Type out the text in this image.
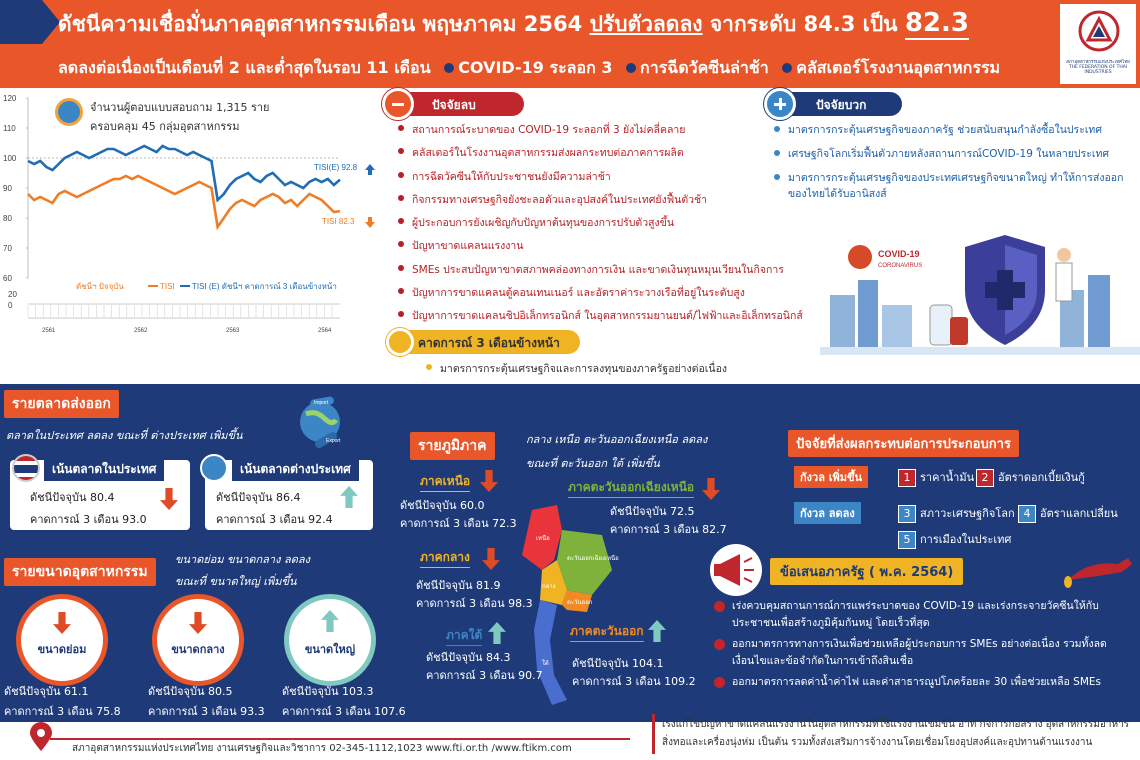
ดัชนีความเชื่อมั่นภาคอุตสาหกรรมเดือน พฤษภาคม 2564 ปรับตัวลดลง จากระดับ 84.3 เป็น 82.3
ลดลงต่อเนื่องเป็นเดือนที่ 2 และต่ำสุดในรอบ 11 เดือน COVID-19 ระลอก 3 การฉีดวัคซีนล่าช้า คลัสเตอร์โรงงานอุตสาหกรรม	สภาอุตสาหกรรมแห่งประเทศไทย THE FEDERATION OF THAI INDUSTRIES
จำนวนผู้ตอบแบบสอบถาม 1,315 ราย
ครอบคลุม 45 กลุ่มอุตสาหกรรม
60
70
80
90
100
110
120
TISI(E) 92.8
TISI 82.3
ดัชนีฯ ปัจจุบัน	TISI TISI (E) ดัชนีฯ คาดการณ์ 3 เดือนข้างหน้า
20
0
2561	2562	2563	2564
ปัจจัยลบ
สถานการณ์ระบาดของ COVID-19 ระลอกที่ 3 ยังไม่คลี่คลาย
คลัสเตอร์ในโรงงานอุตสาหกรรมส่งผลกระทบต่อภาคการผลิต
การฉีดวัคซีนให้กับประชาชนยังมีความล่าช้า
กิจกรรมทางเศรษฐกิจยังชะลอตัวและอุปสงค์ในประเทศยังฟื้นตัวช้า
ผู้ประกอบการยังเผชิญกับปัญหาต้นทุนของการปรับตัวสูงขึ้น
ปัญหาขาดแคลนแรงงาน
SMEs ประสบปัญหาขาดสภาพคล่องทางการเงิน และขาดเงินทุนหมุนเวียนในกิจการ
ปัญหาการขาดแคลนตู้คอนเทนเนอร์ และอัตราค่าระวางเรือที่อยู่ในระดับสูง
ปัญหาการขาดแคลนชิปอิเล็กทรอนิกส์ ในอุตสาหกรรมยานยนต์/ไฟฟ้าและอิเล็กทรอนิกส์
ปัจจัยบวก
มาตรการกระตุ้นเศรษฐกิจของภาครัฐ ช่วยสนับสนุนกำลังซื้อในประเทศ
เศรษฐกิจโลกเริ่มฟื้นตัวภายหลังสถานการณ์COVID-19 ในหลายประเทศ
มาตรการกระตุ้นเศรษฐกิจของประเทศเศรษฐกิจขนาดใหญ่ ทำให้การส่งออกของไทยได้รับอานิสงส์
COVID-19
CORONAVIRUS
คาดการณ์ 3 เดือนข้างหน้า
มาตรการกระตุ้นเศรษฐกิจและการลงทุนของภาครัฐอย่างต่อเนื่อง
รายตลาดส่งออก	Import
Export
ตลาดในประเทศ ลดลง ขณะที่ ต่างประเทศ เพิ่มขึ้น
เน้นตลาดในประเทศ
ดัชนีปัจจุบัน 80.4
คาดการณ์ 3 เดือน 93.0
เน้นตลาดต่างประเทศ
ดัชนีปัจจุบัน 86.4
คาดการณ์ 3 เดือน 92.4
รายขนาดอุตสาหกรรม
ขนาดย่อม ขนาดกลาง ลดลง
ขณะที่ ขนาดใหญ่ เพิ่มขึ้น
ขนาดย่อม
ดัชนีปัจจุบัน 61.1
คาดการณ์ 3 เดือน 75.8
ขนาดกลาง
ดัชนีปัจจุบัน 80.5
คาดการณ์ 3 เดือน 93.3
ขนาดใหญ่
ดัชนีปัจจุบัน 103.3
คาดการณ์ 3 เดือน 107.6
รายภูมิภาค	กลาง เหนือ ตะวันออกเฉียงเหนือ ลดลง
ขณะที่ ตะวันออก ใต้ เพิ่มขึ้น
เหนือ
ตะวันออกเฉียงเหนือ
กลาง
ตะวันออก
ใต้
ภาคเหนือ
ดัชนีปัจจุบัน 60.0
คาดการณ์ 3 เดือน 72.3
ภาคตะวันออกเฉียงเหนือ
ดัชนีปัจจุบัน 72.5
คาดการณ์ 3 เดือน 82.7
ภาคกลาง
ดัชนีปัจจุบัน 81.9
คาดการณ์ 3 เดือน 98.3
ภาคใต้
ดัชนีปัจจุบัน 84.3
คาดการณ์ 3 เดือน 90.7
ภาคตะวันออก
ดัชนีปัจจุบัน 104.1
คาดการณ์ 3 เดือน 109.2
ปัจจัยที่ส่งผลกระทบต่อการประกอบการ
กังวล เพิ่มขึ้น	1 ราคาน้ำมัน 2 อัตราดอกเบี้ยเงินกู้
กังวล ลดลง	3 สภาวะเศรษฐกิจโลก 4 อัตราแลกเปลี่ยน
5 การเมืองในประเทศ
ข้อเสนอภาครัฐ ( พ.ค. 2564)
เร่งควบคุมสถานการณ์การแพร่ระบาดของ COVID-19 และเร่งกระจายวัคซีนให้กับประชาชนเพื่อสร้างภูมิคุ้มกันหมู่ โดยเร็วที่สุด
ออกมาตรการทางการเงินเพื่อช่วยเหลือผู้ประกอบการ SMEs อย่างต่อเนื่อง รวมทั้งลดเงื่อนไขและข้อจำกัดในการเข้าถึงสินเชื่อ
ออกมาตรการลดค่าน้ำค่าไฟ และค่าสาธารณูปโภคร้อยละ 30 เพื่อช่วยเหลือ SMEs
สภาอุตสาหกรรมแห่งประเทศไทย งานเศรษฐกิจและวิชาการ 02-345-1112,1023 www.fti.or.th /www.ftikm.com
เร่งแก้ไขปัญหาขาดแคลนแรงงานในอุตสาหกรรมที่ใช้แรงงานเข้มข้น อาทิ กิจการก่อสร้าง อุตสาหกรรมอาหาร สิ่งทอและเครื่องนุ่งห่ม เป็นต้น รวมทั้งส่งเสริมการจ้างงานโดยเชื่อมโยงอุปสงค์และอุปทานด้านแรงงาน
